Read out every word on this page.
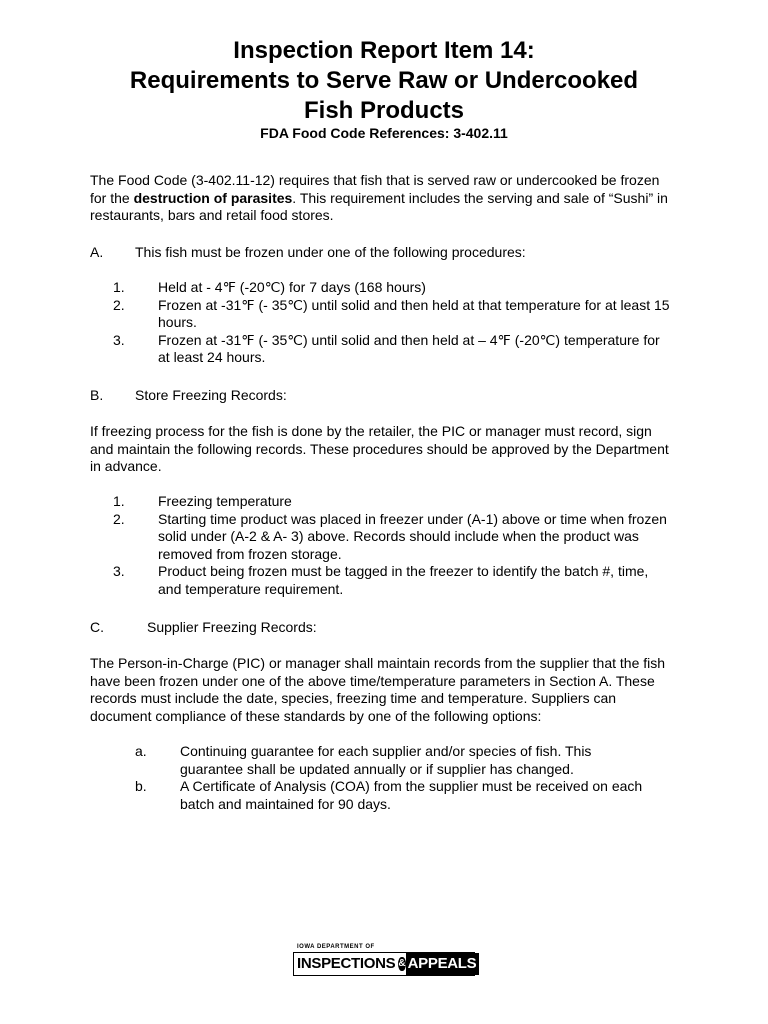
Inspection Report Item 14:
Requirements to Serve Raw or Undercooked
Fish Products
FDA Food Code References: 3-402.11

The Food Code (3-402.11-12) requires that fish that is served raw or undercooked be frozen for the destruction of parasites. This requirement includes the serving and sale of “Sushi” in restaurants, bars and retail food stores.

A. This fish must be frozen under one of the following procedures:

1. Held at - 4℉ (-20℃) for 7 days (168 hours)
2. Frozen at -31℉ (- 35℃) until solid and then held at that temperature for at least 15 hours.
3. Frozen at -31℉ (- 35℃) until solid and then held at – 4℉ (-20℃) temperature for at least 24 hours.

B. Store Freezing Records:

If freezing process for the fish is done by the retailer, the PIC or manager must record, sign and maintain the following records. These procedures should be approved by the Department in advance.

1. Freezing temperature
2. Starting time product was placed in freezer under (A-1) above or time when frozen solid under (A-2 & A- 3) above. Records should include when the product was removed from frozen storage.
3. Product being frozen must be tagged in the freezer to identify the batch #, time, and temperature requirement.

C.	Supplier Freezing Records:

The Person-in-Charge (PIC) or manager shall maintain records from the supplier that the fish have been frozen under one of the above time/temperature parameters in Section A. These records must include the date, species, freezing time and temperature. Suppliers can document compliance of these standards by one of the following options:

a. Continuing guarantee for each supplier and/or species of fish. This guarantee shall be updated annually or if supplier has changed.
b. A Certificate of Analysis (COA) from the supplier must be received on each batch and maintained for 90 days.
IOWA DEPARTMENT OF
INSPECTIONS & APPEALS
